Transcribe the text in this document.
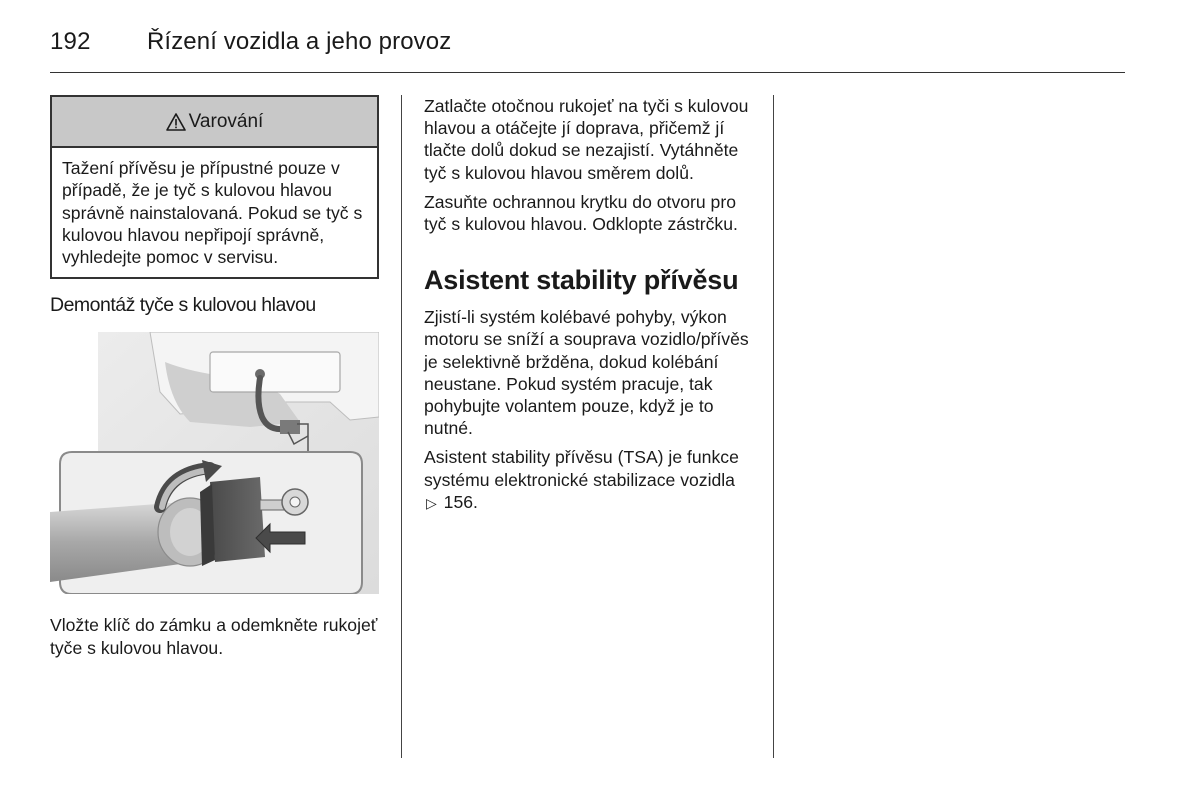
192 Řízení vozidla a jeho provoz
Varování
Tažení přívěsu je přípustné pouze v případě, že je tyč s kulovou hlavou správně nainstalovaná. Pokud se tyč s kulovou hlavou nepřipojí správně, vyhledejte pomoc v servisu.
Demontáž tyče s kulovou hlavou

Vložte klíč do zámku a odemkněte rukojeť tyče s kulovou hlavou.

Zatlačte otočnou rukojeť na tyči s kulovou hlavou a otáčejte jí doprava, přičemž jí tlačte dolů dokud se nezajistí. Vytáhněte tyč s kulovou hlavou směrem dolů.

Zasuňte ochrannou krytku do otvoru pro tyč s kulovou hlavou. Odklopte zástrčku.

Asistent stability přívěsu

Zjistí-li systém kolébavé pohyby, výkon motoru se sníží a souprava vozidlo/přívěs je selektivně bržděna, dokud kolébání neustane. Pokud systém pracuje, tak pohybujte volantem pouze, když je to nutné.

Asistent stability přívěsu (TSA) je funkce systému elektronické stabilizace vozidla ▷ 156.
